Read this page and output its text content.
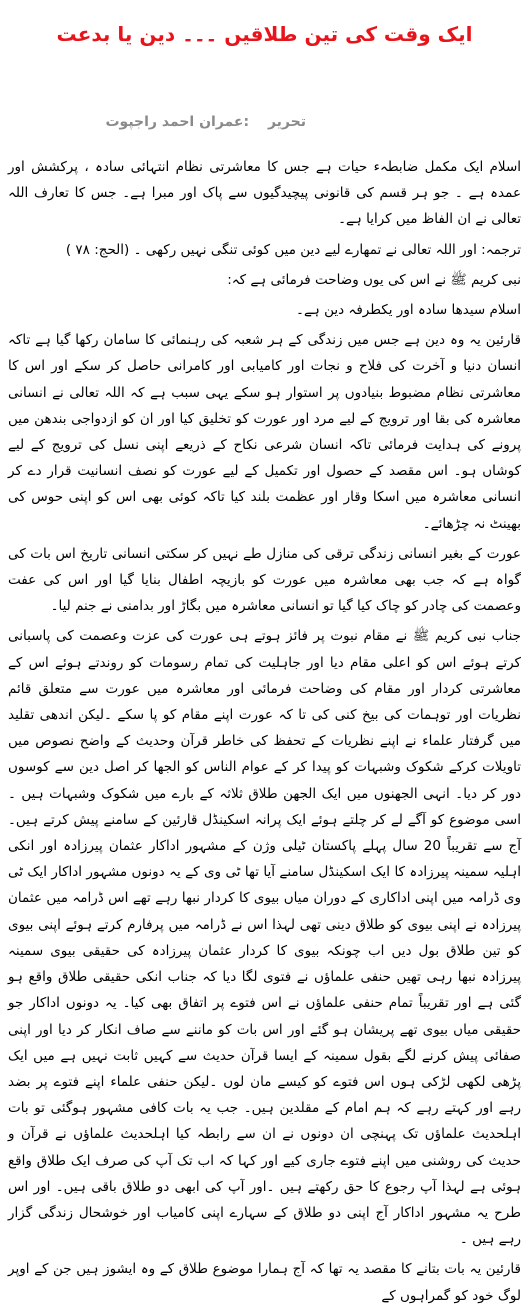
ایک وقت کی تین طلاقیں ۔۔۔ دین یا بدعت
تحریر :عمران احمد راجپوت

اسلام ایک مکمل ضابطہء حیات ہے جس کا معاشرتی نظام انتہائی سادہ ، پرکشش اور عمدہ ہے ۔ جو ہر قسم کی قانونی پیچیدگیوں سے پاک اور مبرا ہے۔ جس کا تعارف اللہ تعالی نے ان الفاظ میں کرایا ہے۔

ترجمہ: اور اللہ تعالی نے تمھارے لیے دین میں کوئی تنگی نہیں رکھی ۔ (الحج: ۷۸ )

نبی کریم ﷺ نے اس کی یوں وضاحت فرمائی ہے کہ:

اسلام سیدھا سادہ اور یکطرفہ دین ہے۔

قارئین یہ وہ دین ہے جس میں زندگی کے ہر شعبہ کی رہنمائی کا سامان رکھا گیا ہے تاکہ انسان دنیا و آخرت کی فلاح و نجات اور کامیابی اور کامرانی حاصل کر سکے اور اس کا معاشرتی نظام مضبوط بنیادوں پر استوار ہو سکے یہی سبب ہے کہ اللہ تعالی نے انسانی معاشرہ کی بقا اور ترویج کے لیے مرد اور عورت کو تخلیق کیا اور ان کو ازدواجی بندھن میں پرونے کی ہدایت فرمائی تاکہ انسان شرعی نکاح کے ذریعے اپنی نسل کی ترویج کے لیے کوشاں ہو۔ اس مقصد کے حصول اور تکمیل کے لیے عورت کو نصف انسانیت قرار دے کر انسانی معاشرہ میں اسکا وقار اور عظمت بلند کیا تاکہ کوئی بھی اس کو اپنی حوس کی بھینٹ نہ چڑھائے۔

عورت کے بغیر انسانی زندگی ترقی کی منازل طے نہیں کر سکتی انسانی تاریخ اس بات کی گواہ ہے کہ جب بھی معاشرہ میں عورت کو بازیچہ اطفال بنایا گیا اور اس کی عفت وعصمت کی چادر کو چاک کیا گیا تو انسانی معاشرہ میں بگاڑ اور بدامنی نے جنم لیا۔

جناب نبی کریم ﷺ نے مقام نبوت پر فائز ہوتے ہی عورت کی عزت وعصمت کی پاسبانی کرتے ہوئے اس کو اعلی مقام دیا اور جاہلیت کی تمام رسومات کو روندتے ہوئے اس کے معاشرتی کردار اور مقام کی وضاحت فرمائی اور معاشرہ میں عورت سے متعلق قائم نظریات اور توہمات کی بیخ کنی کی تا کہ عورت اپنے مقام کو پا سکے ۔لیکن اندھی تقلید میں گرفتار علماء نے اپنے نظریات کے تحفظ کی خاطر قرآن وحدیث کے واضح نصوص میں تاویلات کرکے شکوک وشبہات کو پیدا کر کے عوام الناس کو الجھا کر اصل دین سے کوسوں دور کر دیا۔ انہی الجھنوں میں ایک الجھن طلاق ثلاثہ کے بارے میں شکوک وشبہات ہیں ۔اسی موضوع کو آگے لے کر چلتے ہوئے ایک پرانہ اسکینڈل قارئین کے سامنے پیش کرتے ہیں۔ آج سے تقریباً 20 سال پہلے پاکستان ٹیلی وژن کے مشہور اداکار عثمان پیرزادہ اور انکی اہلیہ سمینہ پیرزادہ کا ایک اسکینڈل سامنے آیا تھا ٹی وی کے یہ دونوں مشہور اداکار ایک ٹی وی ڈرامہ میں اپنی اداکاری کے دوران میاں بیوی کا کردار نبھا رہے تھے اس ڈرامہ میں عثمان پیرزادہ نے اپنی بیوی کو طلاق دینی تھی لہذا اس نے ڈرامہ میں پرفارم کرتے ہوئے اپنی بیوی کو تین طلاق بول دیں اب چونکہ بیوی کا کردار عثمان پیرزادہ کی حقیقی بیوی سمینہ پیرزادہ نبھا رہی تھیں حنفی علماؤں نے فتوی لگا دیا کہ جناب انکی حقیقی طلاق واقع ہو گئی ہے اور تقریباً تمام حنفی علماؤں نے اس فتوے پر اتفاق بھی کیا۔ یہ دونوں اداکار جو حقیقی میاں بیوی تھے پریشان ہو گئے اور اس بات کو ماننے سے صاف انکار کر دیا اور اپنی صفائی پیش کرنے لگے بقول سمینہ کے ایسا قرآن حدیث سے کہیں ثابت نہیں ہے میں ایک پڑھی لکھی لڑکی ہوں اس فتوے کو کیسے مان لوں ۔لیکن حنفی علماء اپنے فتوے پر بضد رہے اور کہتے رہے کہ ہم امام کے مقلدین ہیں۔ جب یہ بات کافی مشہور ہوگئی تو بات اہلحدیث علماؤں تک پہنچی ان دونوں نے ان سے رابطہ کیا اہلحدیث علماؤں نے قرآن و حدیث کی روشنی میں اپنے فتوے جاری کیے اور کہا کہ اب تک آپ کی صرف ایک طلاق واقع ہوئی ہے لہذا آپ رجوع کا حق رکھتے ہیں ۔اور آپ کی ابھی دو طلاق باقی ہیں۔ اور اس طرح یہ مشہور اداکار آج اپنی دو طلاق کے سہارے اپنی کامیاب اور خوشحال زندگی گزار رہے ہیں ۔

قارئین یہ بات بتانے کا مقصد یہ تھا کہ آج ہمارا موضوع طلاق کے وہ ایشوز ہیں جن کے اوپر لوگ خود کو گمراہوں کے
